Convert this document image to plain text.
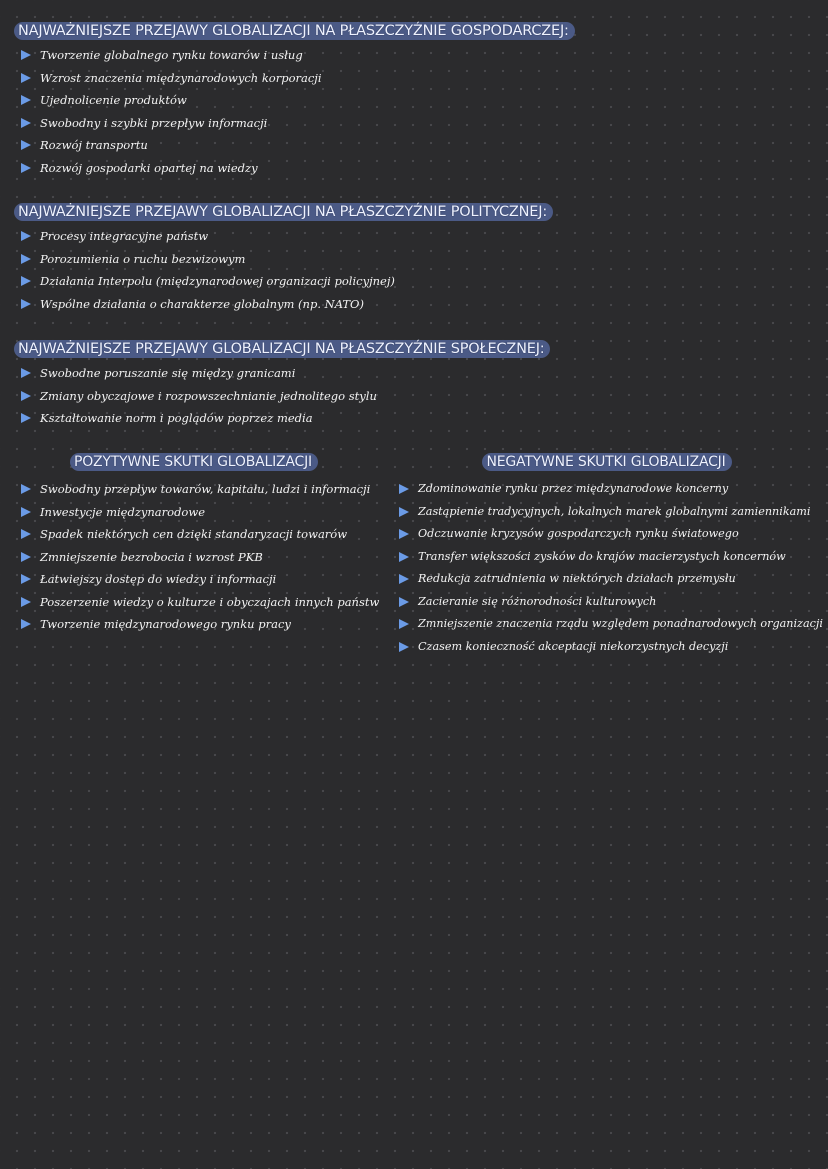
NAJWAŻNIEJSZE PRZEJAWY GLOBALIZACJI NA PŁASZCZYŹNIE GOSPODARCZEJ:
Tworzenie globalnego rynku towarów i usług
Wzrost znaczenia międzynarodowych korporacji
Ujednolicenie produktów
Swobodny i szybki przepływ informacji
Rozwój transportu
Rozwój gospodarki opartej na wiedzy
NAJWAŻNIEJSZE PRZEJAWY GLOBALIZACJI NA PŁASZCZYŹNIE POLITYCZNEJ:
Procesy integracyjne państw
Porozumienia o ruchu bezwizowym
Działania Interpolu (międzynarodowej organizacji policyjnej)
Wspólne działania o charakterze globalnym (np. NATO)
NAJWAŻNIEJSZE PRZEJAWY GLOBALIZACJI NA PŁASZCZYŹNIE SPOŁECZNEJ:
Swobodne poruszanie się między granicami
Zmiany obyczajowe i rozpowszechnianie jednolitego stylu
Kształtowanie norm i poglądów poprzez media
POZYTYWNE SKUTKI GLOBALIZACJI
Swobodny przepływ towarów, kapitału, ludzi i informacji
Inwestycje międzynarodowe
Spadek niektórych cen dzięki standaryzacji towarów
Zmniejszenie bezrobocia i wzrost PKB
Łatwiejszy dostęp do wiedzy i informacji
Poszerzenie wiedzy o kulturze i obyczajach innych państw
Tworzenie międzynarodowego rynku pracy
NEGATYWNE SKUTKI GLOBALIZACJI
Zdominowanie rynku przez międzynarodowe koncerny
Zastąpienie tradycyjnych, lokalnych marek globalnymi zamiennikami
Odczuwanie kryzysów gospodarczych rynku światowego
Transfer większości zysków do krajów macierzystych koncernów
Redukcja zatrudnienia w niektórych działach przemysłu
Zacieranie się różnorodności kulturowych
Zmniejszenie znaczenia rządu względem ponadnarodowych organizacji
Czasem konieczność akceptacji niekorzystnych decyzji
